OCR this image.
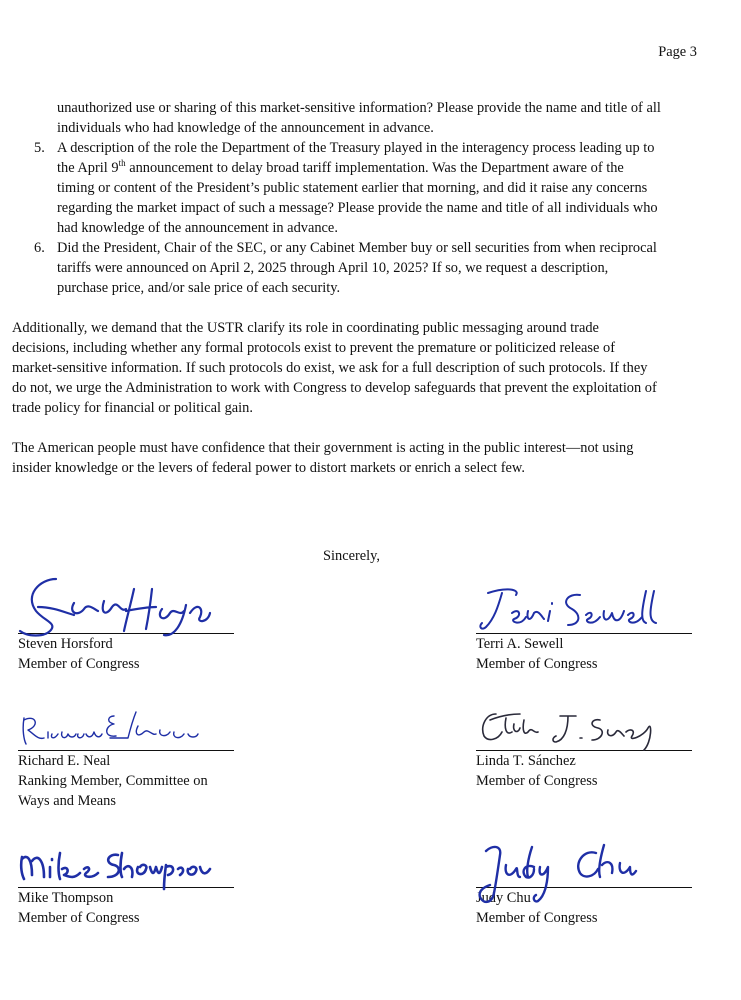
Page 3
unauthorized use or sharing of this market-sensitive information? Please provide the name and title of all
individuals who had knowledge of the announcement in advance.
5. A description of the role the Department of the Treasury played in the interagency process leading up to
the April 9th announcement to delay broad tariff implementation. Was the Department aware of the
timing or content of the President’s public statement earlier that morning, and did it raise any concerns
regarding the market impact of such a message? Please provide the name and title of all individuals who
had knowledge of the announcement in advance.
6. Did the President, Chair of the SEC, or any Cabinet Member buy or sell securities from when reciprocal
tariffs were announced on April 2, 2025 through April 10, 2025? If so, we request a description,
purchase price, and/or sale price of each security.

Additionally, we demand that the USTR clarify its role in coordinating public messaging around trade
decisions, including whether any formal protocols exist to prevent the premature or politicized release of
market-sensitive information. If such protocols do exist, we ask for a full description of such protocols. If they
do not, we urge the Administration to work with Congress to develop safeguards that prevent the exploitation of
trade policy for financial or political gain.

The American people must have confidence that their government is acting in the public interest—not using
insider knowledge or the levers of federal power to distort markets or enrich a select few.

Sincerely,
Steven Horsford
Member of Congress
Terri A. Sewell
Member of Congress
Richard E. Neal
Ranking Member, Committee on
Ways and Means
Linda T. Sánchez
Member of Congress
Mike Thompson
Member of Congress
Judy Chu
Member of Congress
